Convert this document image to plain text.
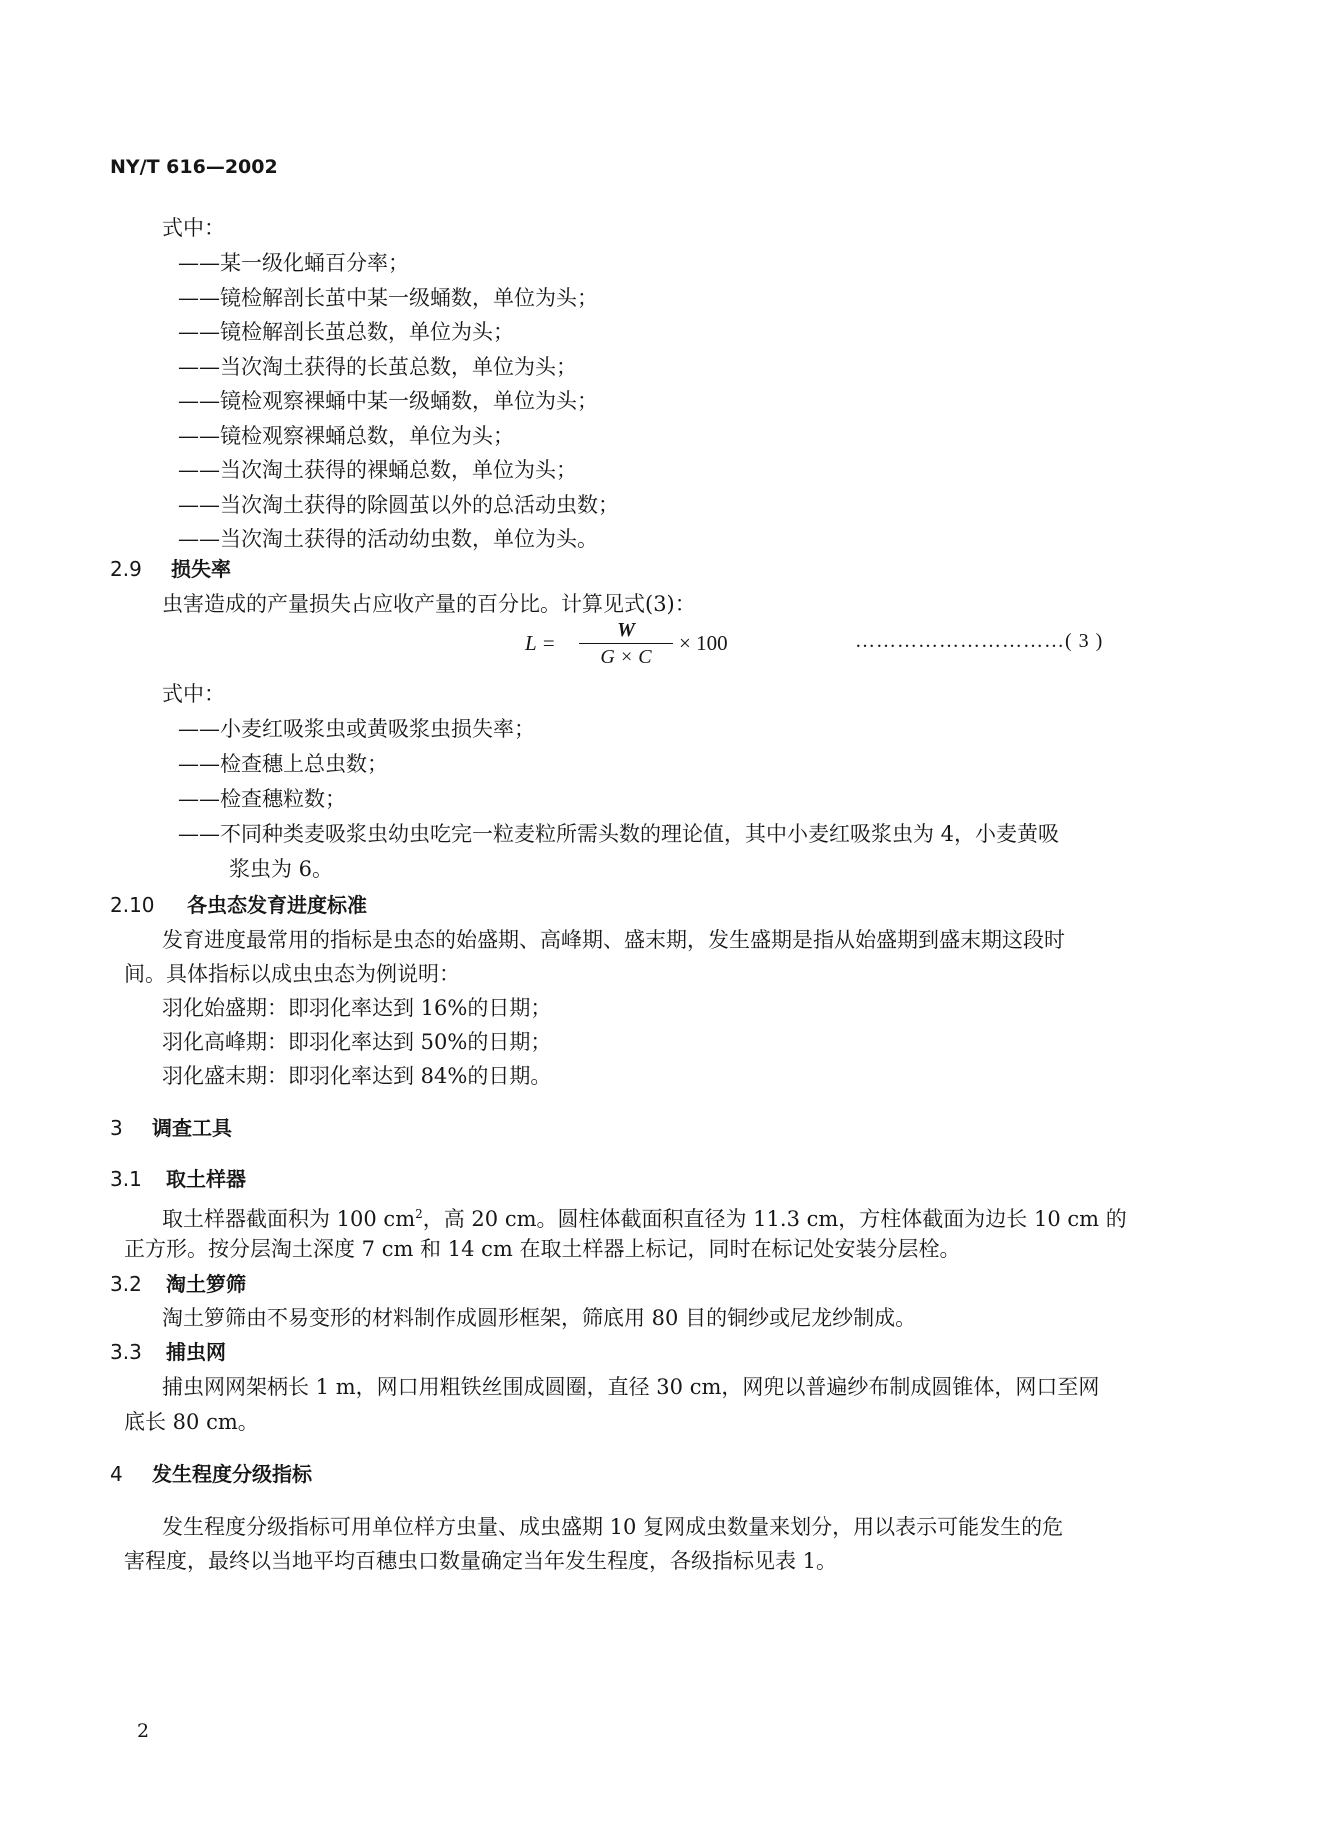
NY/T 616—2002
式中：
——某一级化蛹百分率；
——镜检解剖长茧中某一级蛹数，单位为头；
——镜检解剖长茧总数，单位为头；
——当次淘土获得的长茧总数，单位为头；
——镜检观察裸蛹中某一级蛹数，单位为头；
——镜检观察裸蛹总数，单位为头；
——当次淘土获得的裸蛹总数，单位为头；
——当次淘土获得的除圆茧以外的总活动虫数；
——当次淘土获得的活动幼虫数，单位为头。
2.9 损失率
虫害造成的产量损失占应收产量的百分比。计算见式(3)：
L =
W
G × C
× 100	…………………………( 3 )
式中：
——小麦红吸浆虫或黄吸浆虫损失率；
——检查穗上总虫数；
——检查穗粒数；
——不同种类麦吸浆虫幼虫吃完一粒麦粒所需头数的理论值，其中小麦红吸浆虫为 4，小麦黄吸
浆虫为 6。
2.10 各虫态发育进度标准
发育进度最常用的指标是虫态的始盛期、高峰期、盛末期，发生盛期是指从始盛期到盛末期这段时
间。具体指标以成虫虫态为例说明：
羽化始盛期：即羽化率达到 16%的日期；
羽化高峰期：即羽化率达到 50%的日期；
羽化盛末期：即羽化率达到 84%的日期。
3 调查工具
3.1 取土样器
取土样器截面积为 100 $cm^2$，高 20 cm。圆柱体截面积直径为 11.3 cm，方柱体截面为边长 10 cm 的
正方形。按分层淘土深度 7 cm 和 14 cm 在取土样器上标记，同时在标记处安装分层栓。
3.2 淘土箩筛
淘土箩筛由不易变形的材料制作成圆形框架，筛底用 80 目的铜纱或尼龙纱制成。
3.3 捕虫网
捕虫网网架柄长 1 m，网口用粗铁丝围成圆圈，直径 30 cm，网兜以普遍纱布制成圆锥体，网口至网
底长 80 cm。
4 发生程度分级指标
发生程度分级指标可用单位样方虫量、成虫盛期 10 复网成虫数量来划分，用以表示可能发生的危
害程度，最终以当地平均百穗虫口数量确定当年发生程度，各级指标见表 1。
2
